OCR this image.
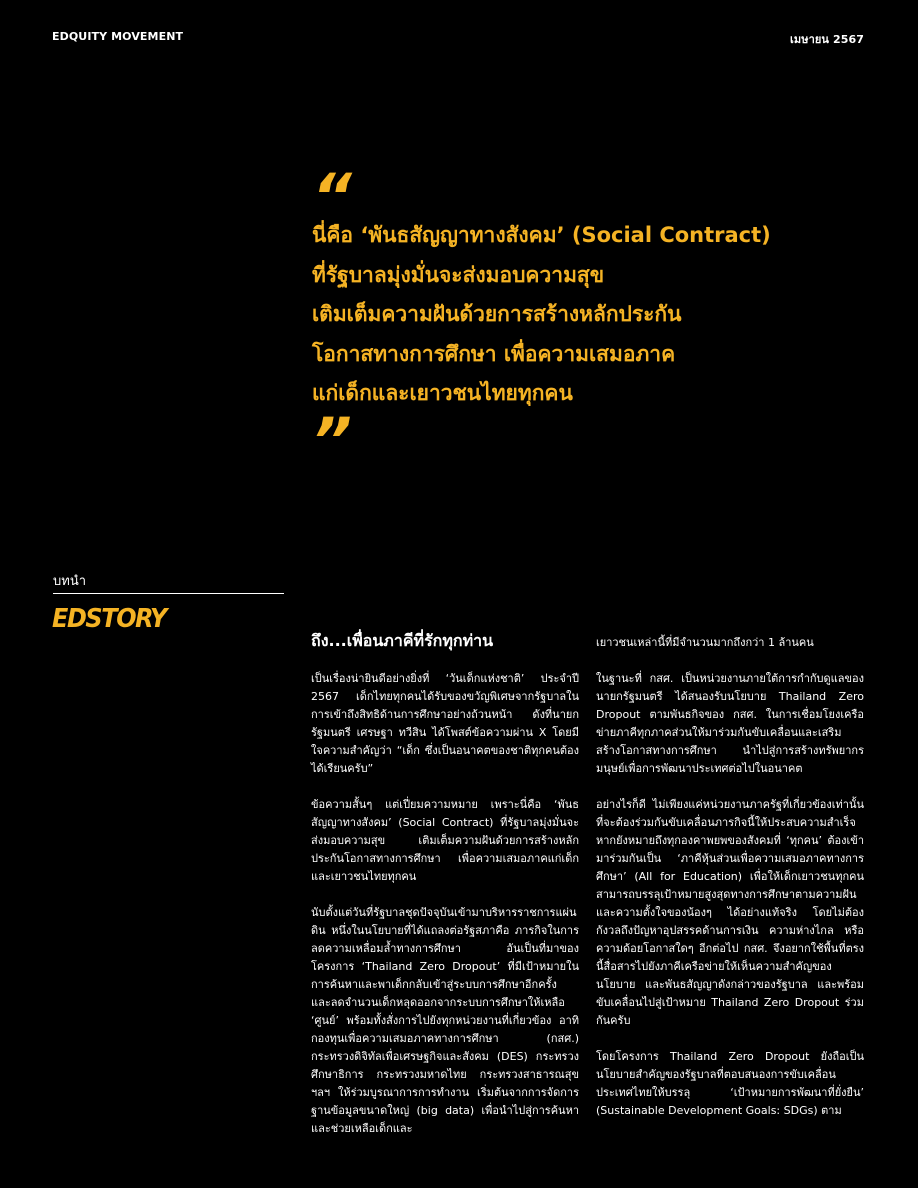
EDQUITY MOVEMENT	เมษายน 2567
“
นี่คือ ‘พันธสัญญาทางสังคม’ (Social Contract)
ที่รัฐบาลมุ่งมั่นจะส่งมอบความสุข
เติมเต็มความฝันด้วยการสร้างหลักประกัน
โอกาสทางการศึกษา เพื่อความเสมอภาค
แก่เด็กและเยาวชนไทยทุกคน
”
บทนำ
EDSTORY
ถึง...เพื่อนภาคีที่รักทุกท่าน

เป็นเรื่องน่ายินดีอย่างยิ่งที่ ‘วันเด็กแห่งชาติ’ ประจำปี 2567 เด็กไทยทุกคนได้รับของขวัญพิเศษจากรัฐบาลในการเข้าถึงสิทธิด้านการศึกษาอย่างถ้วนหน้า ดังที่นายกรัฐมนตรี เศรษฐา ทวีสิน ได้โพสต์ข้อความผ่าน X โดยมีใจความสำคัญว่า “เด็ก ซึ่งเป็นอนาคตของชาติทุกคนต้องได้เรียนครับ”

ข้อความสั้นๆ แต่เปี่ยมความหมาย เพราะนี่คือ ‘พันธสัญญาทางสังคม’ (Social Contract) ที่รัฐบาลมุ่งมั่นจะส่งมอบความสุข เติมเต็มความฝันด้วยการสร้างหลักประกันโอกาสทางการศึกษา เพื่อความเสมอภาคแก่เด็กและเยาวชนไทยทุกคน

นับตั้งแต่วันที่รัฐบาลชุดปัจจุบันเข้ามาบริหารราชการแผ่นดิน หนึ่งในนโยบายที่ได้แถลงต่อรัฐสภาคือ ภารกิจในการลดความเหลื่อมล้ำทางการศึกษา อันเป็นที่มาของโครงการ ‘Thailand Zero Dropout’ ที่มีเป้าหมายในการค้นหาและพาเด็กกลับเข้าสู่ระบบการศึกษาอีกครั้ง และลดจำนวนเด็กหลุดออกจากระบบการศึกษาให้เหลือ ‘ศูนย์’ พร้อมทั้งสั่งการไปยังทุกหน่วยงานที่เกี่ยวข้อง อาทิ กองทุนเพื่อความเสมอภาคทางการศึกษา (กสศ.) กระทรวงดิจิทัลเพื่อเศรษฐกิจและสังคม (DES) กระทรวงศึกษาธิการ กระทรวงมหาดไทย กระทรวงสาธารณสุขฯลฯ ให้ร่วมบูรณาการการทำงาน เริ่มต้นจากการจัดการฐานข้อมูลขนาดใหญ่ (big data) เพื่อนำไปสู่การค้นหาและช่วยเหลือเด็กและ

เยาวชนเหล่านี้ที่มีจำนวนมากถึงกว่า 1 ล้านคน

ในฐานะที่ กสศ. เป็นหน่วยงานภายใต้การกำกับดูแลของนายกรัฐมนตรี ได้สนองรับนโยบาย Thailand Zero Dropout ตามพันธกิจของ กสศ. ในการเชื่อมโยงเครือข่ายภาคีทุกภาคส่วนให้มาร่วมกันขับเคลื่อนและเสริมสร้างโอกาสทางการศึกษา นำไปสู่การสร้างทรัพยากรมนุษย์เพื่อการพัฒนาประเทศต่อไปในอนาคต

อย่างไรก็ดี ไม่เพียงแค่หน่วยงานภาครัฐที่เกี่ยวข้องเท่านั้นที่จะต้องร่วมกันขับเคลื่อนภารกิจนี้ให้ประสบความสำเร็จ หากยังหมายถึงทุกองคาพยพของสังคมที่ ‘ทุกคน’ ต้องเข้ามาร่วมกันเป็น ‘ภาคีหุ้นส่วนเพื่อความเสมอภาคทางการศึกษา’ (All for Education) เพื่อให้เด็กเยาวชนทุกคนสามารถบรรลุเป้าหมายสูงสุดทางการศึกษาตามความฝันและความตั้งใจของน้องๆ ได้อย่างแท้จริง โดยไม่ต้องกังวลถึงปัญหาอุปสรรคด้านการเงิน ความห่างไกล หรือความด้อยโอกาสใดๆ อีกต่อไป กสศ. จึงอยากใช้พื้นที่ตรงนี้สื่อสารไปยังภาคีเครือข่ายให้เห็นความสำคัญของนโยบาย และพันธสัญญาดังกล่าวของรัฐบาล และพร้อมขับเคลื่อนไปสู่เป้าหมาย Thailand Zero Dropout ร่วมกันครับ

โดยโครงการ Thailand Zero Dropout ยังถือเป็นนโยบายสำคัญของรัฐบาลที่ตอบสนองการขับเคลื่อนประเทศไทยให้บรรลุ ‘เป้าหมายการพัฒนาที่ยั่งยืน’ (Sustainable Development Goals: SDGs) ตาม
